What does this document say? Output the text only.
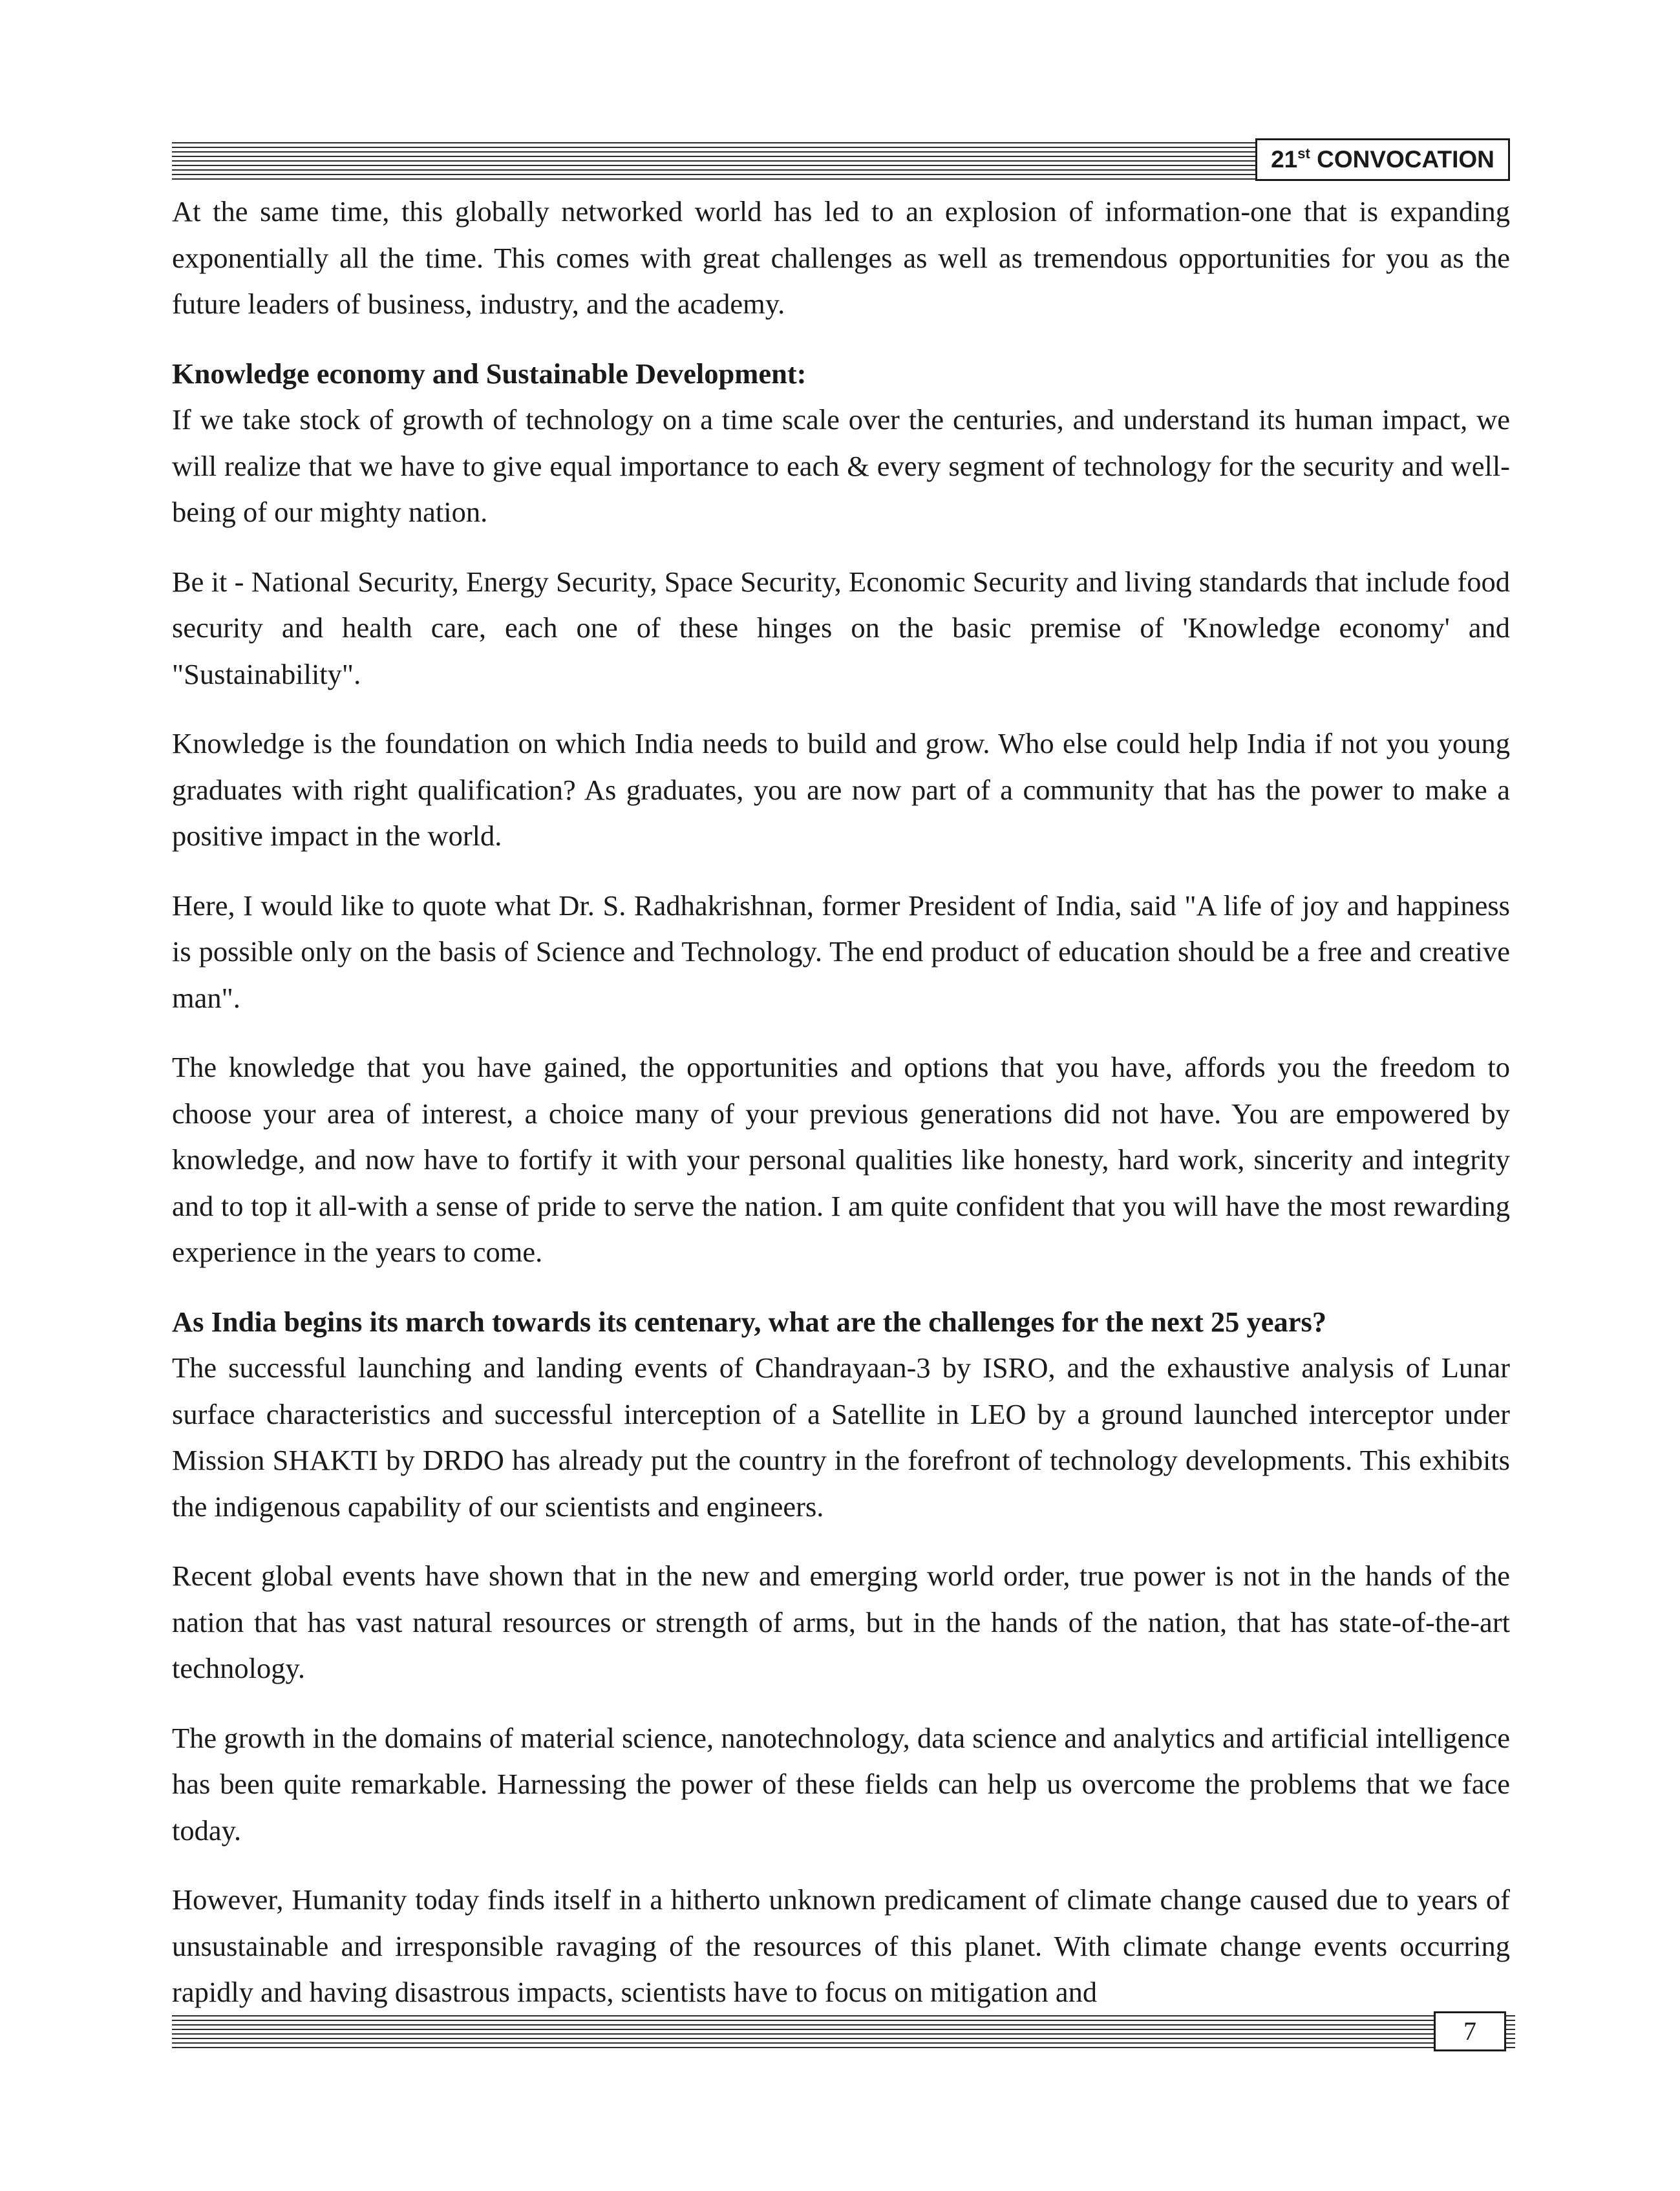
21st CONVOCATION

At the same time, this globally networked world has led to an explosion of information-one that is expanding exponentially all the time. This comes with great challenges as well as tremendous opportunities for you as the future leaders of business, industry, and the academy.

Knowledge economy and Sustainable Development:

If we take stock of growth of technology on a time scale over the centuries, and understand its human impact, we will realize that we have to give equal importance to each & every segment of technology for the security and well-being of our mighty nation.

Be it - National Security, Energy Security, Space Security, Economic Security and living standards that include food security and health care, each one of these hinges on the basic premise of 'Knowledge economy' and "Sustainability".

Knowledge is the foundation on which India needs to build and grow. Who else could help India if not you young graduates with right qualification? As graduates, you are now part of a community that has the power to make a positive impact in the world.

Here, I would like to quote what Dr. S. Radhakrishnan, former President of India, said "A life of joy and happiness is possible only on the basis of Science and Technology. The end product of education should be a free and creative man".

The knowledge that you have gained, the opportunities and options that you have, affords you the freedom to choose your area of interest, a choice many of your previous generations did not have. You are empowered by knowledge, and now have to fortify it with your personal qualities like honesty, hard work, sincerity and integrity and to top it all-with a sense of pride to serve the nation. I am quite confident that you will have the most rewarding experience in the years to come.

As India begins its march towards its centenary, what are the challenges for the next 25 years?

The successful launching and landing events of Chandrayaan-3 by ISRO, and the exhaustive analysis of Lunar surface characteristics and successful interception of a Satellite in LEO by a ground launched interceptor under Mission SHAKTI by DRDO has already put the country in the forefront of technology developments. This exhibits the indigenous capability of our scientists and engineers.

Recent global events have shown that in the new and emerging world order, true power is not in the hands of the nation that has vast natural resources or strength of arms, but in the hands of the nation, that has state-of-the-art technology.

The growth in the domains of material science, nanotechnology, data science and analytics and artificial intelligence has been quite remarkable. Harnessing the power of these fields can help us overcome the problems that we face today.

However, Humanity today finds itself in a hitherto unknown predicament of climate change caused due to years of unsustainable and irresponsible ravaging of the resources of this planet. With climate change events occurring rapidly and having disastrous impacts, scientists have to focus on mitigation and

7
